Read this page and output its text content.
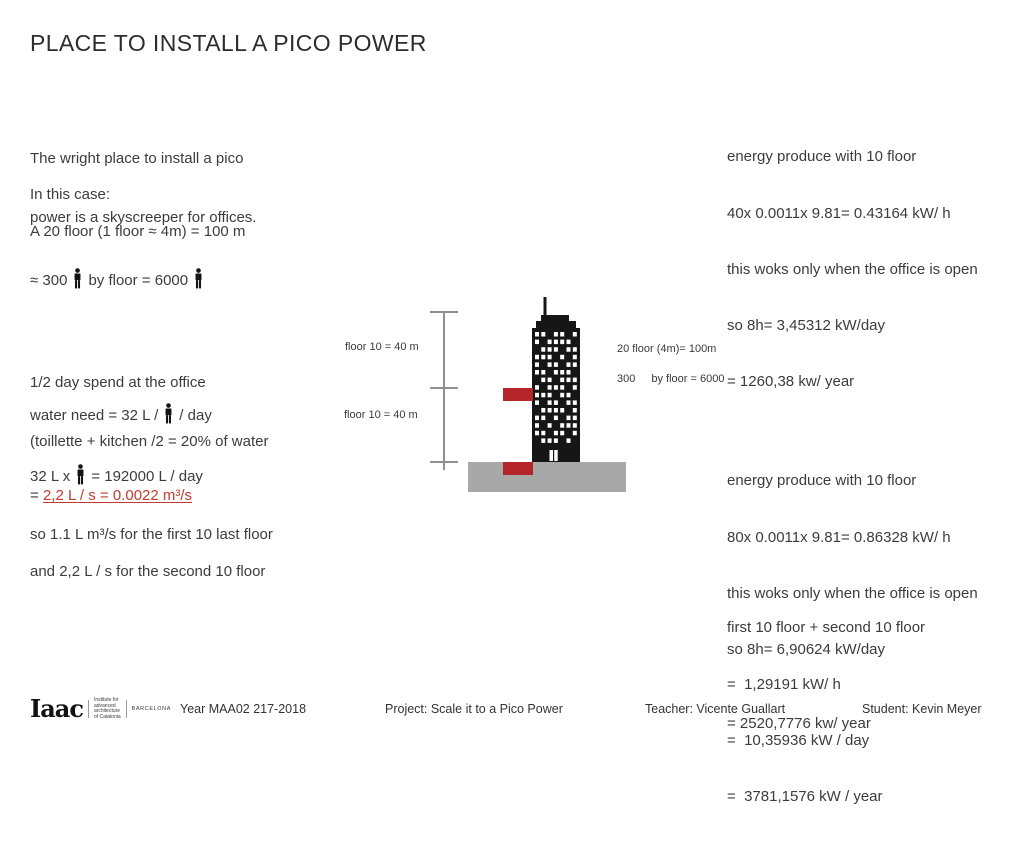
PLACE TO INSTALL A PICO POWER

The wright place to install a pico

power is a skyscreeper for offices.

In this case:
A 20 floor (1 floor ≈ 4m) = 100 m
≈ 300 by floor = 6000

1/2 day spend at the office

(toillette + kitchen /2 = 20% of water

water need = 32 L / / day
32 L x = 192000 L / day
= 2,2 L / s = 0.0022 m³/s
so 1.1 L m³/s for the first 10 last floor
and 2,2 L / s for the second 10 floor
floor 10 = 40 m
floor 10 = 40 m
20 floor (4m)= 100m
300 by floor = 6000

energy produce with 10 floor

40x 0.0011x 9.81= 0.43164 kW/ h

this woks only when the office is open

so 8h= 3,45312 kW/day

= 1260,38 kw/ year

energy produce with 10 floor

80x 0.0011x 9.81= 0.86328 kW/ h

this woks only when the office is open

so 8h= 6,90624 kW/day

= 2520,7776 kw/ year

first 10 floor + second 10 floor

=  1,29191 kW/ h

=  10,35936 kW / day

=  3781,1576 kW / year

Iaac Institute for
advanced
architecture
of Catalonia
BARCELONA Year MAA02 217-2018	Project: Scale it to a Pico Power	Teacher: Vicente Guallart	Student: Kevin Meyer
